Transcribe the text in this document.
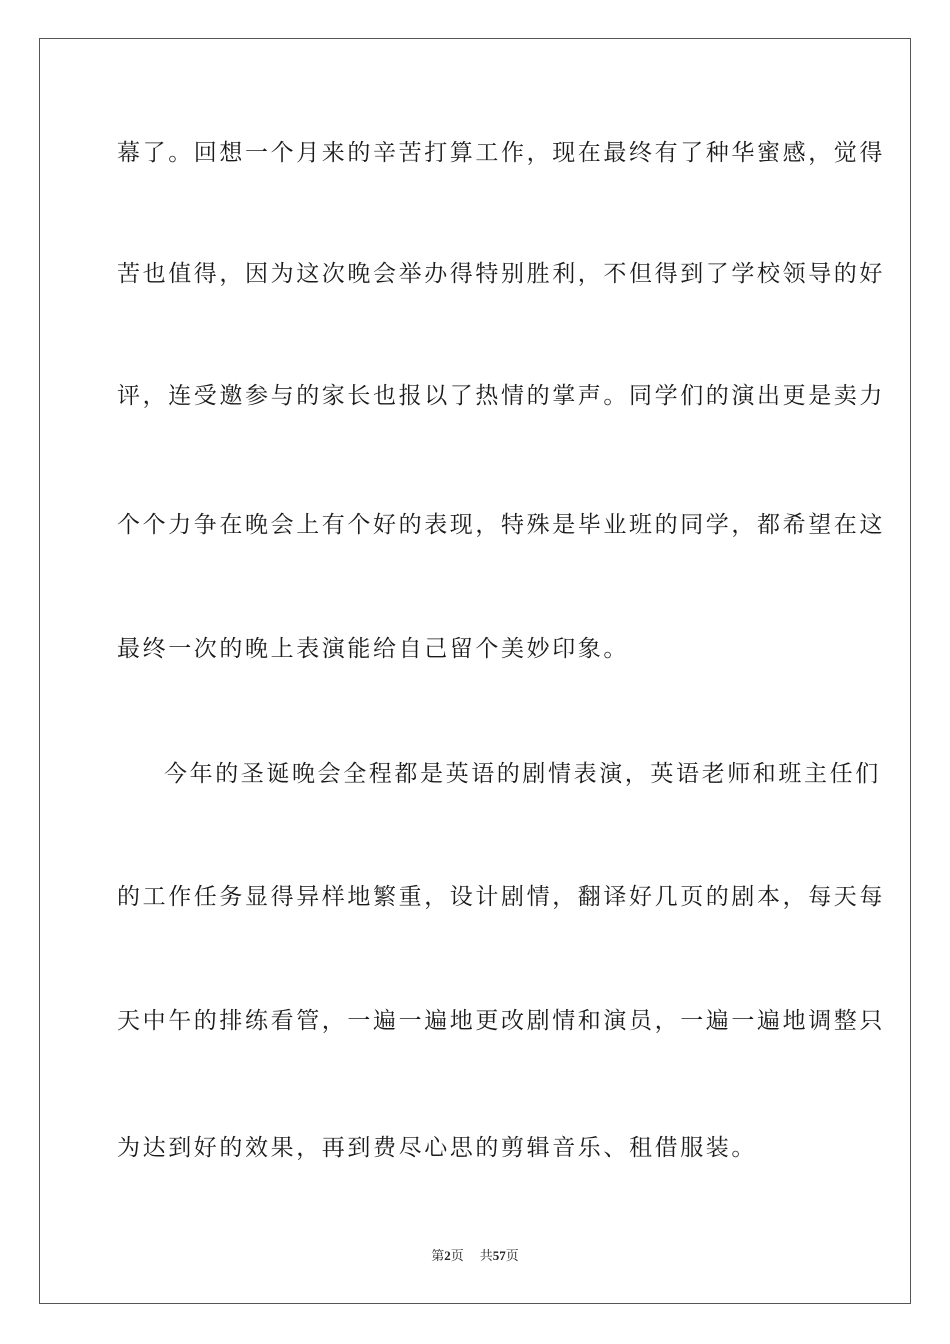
幕了。回想一个月来的辛苦打算工作，现在最终有了种华蜜感，觉得
苦也值得，因为这次晚会举办得特别胜利，不但得到了学校领导的好
评，连受邀参与的家长也报以了热情的掌声。同学们的演出更是卖力
个个力争在晚会上有个好的表现，特殊是毕业班的同学，都希望在这
最终一次的晚上表演能给自己留个美妙印象。
今年的圣诞晚会全程都是英语的剧情表演，英语老师和班主任们
的工作任务显得异样地繁重，设计剧情，翻译好几页的剧本，每天每
天中午的排练看管，一遍一遍地更改剧情和演员，一遍一遍地调整只
为达到好的效果，再到费尽心思的剪辑音乐、租借服装。
第2页 共57页
